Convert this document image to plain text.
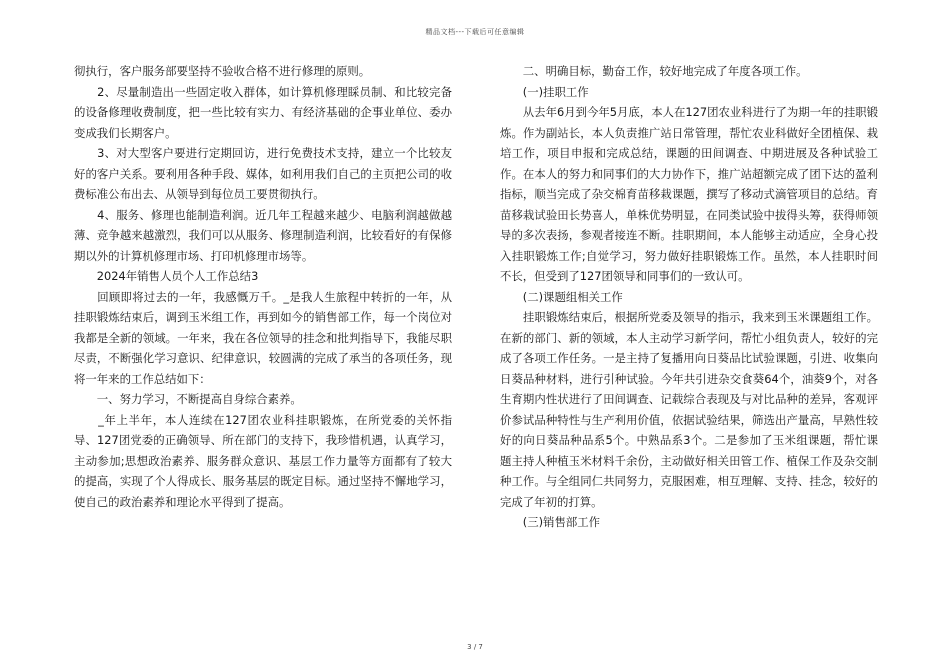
精品文档---下载后可任意编辑

彻执行，客户服务部要坚持不验收合格不进行修理的原则。

　　2、尽量制造出一些固定收入群体，如计算机修理睬员制、和比较完备的设备修理收费制度，把一些比较有实力、有经济基础的企事业单位、委办变成我们长期客户。

　　3、对大型客户要进行定期回访，进行免费技术支持，建立一个比较友好的客户关系。要利用各种手段、媒体，如利用我们自己的主页把公司的收费标准公布出去、从领导到每位员工要贯彻执行。

　　4、服务、修理也能制造利润。近几年工程越来越少、电脑利润越做越薄、竞争越来越激烈，我们可以从服务、修理制造利润，比较看好的有保修期以外的计算机修理市场、打印机修理市场等。

　　2024年销售人员个人工作总结3

　　回顾即将过去的一年，我感慨万千。_是我人生旅程中转折的一年，从挂职锻炼结束后，调到玉米组工作，再到如今的销售部工作，每一个岗位对我都是全新的领域。一年来，我在各位领导的挂念和批判指导下，我能尽职尽责，不断强化学习意识、纪律意识，较圆满的完成了承当的各项任务，现将一年来的工作总结如下：

　　一、努力学习，不断提高自身综合素养。

　　_年上半年，本人连续在127团农业科挂职锻炼，在所党委的关怀指导、127团党委的正确领导、所在部门的支持下，我珍惜机遇，认真学习，主动参加;思想政治素养、服务群众意识、基层工作力量等方面都有了较大的提高，实现了个人得成长、服务基层的既定目标。通过坚持不懈地学习，使自己的政治素养和理论水平得到了提高。

　　二、明确目标，勤奋工作，较好地完成了年度各项工作。

　　(一)挂职工作

　　从去年6月到今年5月底，本人在127团农业科进行了为期一年的挂职锻炼。作为副站长，本人负责推广站日常管理，帮忙农业科做好全团植保、栽培工作，项目申报和完成总结，课题的田间调查、中期进展及各种试验工作。在本人的努力和同事们的大力协作下，推广站超额完成了团下达的盈利指标，顺当完成了杂交棉育苗移栽课题，撰写了移动式滴管项目的总结。育苗移栽试验田长势喜人，单株优势明显，在同类试验中拔得头筹，获得师领导的多次表扬，参观者接连不断。挂职期间，本人能够主动适应，全身心投入挂职锻炼工作;自觉学习，努力做好挂职锻炼工作。虽然，本人挂职时间不长，但受到了127团领导和同事们的一致认可。

　　(二)课题组相关工作

　　挂职锻炼结束后，根据所党委及领导的指示，我来到玉米课题组工作。在新的部门、新的领域，本人主动学习新学问，帮忙小组负责人，较好的完成了各项工作任务。一是主持了复播用向日葵品比试验课题，引进、收集向日葵品种材料，进行引种试验。今年共引进杂交食葵64个，油葵9个，对各生育期内性状进行了田间调查、记载综合表现及与对比品种的差异，客观评价参试品种特性与生产利用价值，依据试验结果，筛选出产量高，早熟性较好的向日葵品种品系5个。中熟品系3个。二是参加了玉米组课题，帮忙课题主持人种植玉米材料千余份，主动做好相关田管工作、植保工作及杂交制种工作。与全组同仁共同努力，克服困难，相互理解、支持、挂念，较好的完成了年初的打算。

　　(三)销售部工作

3 / 7
